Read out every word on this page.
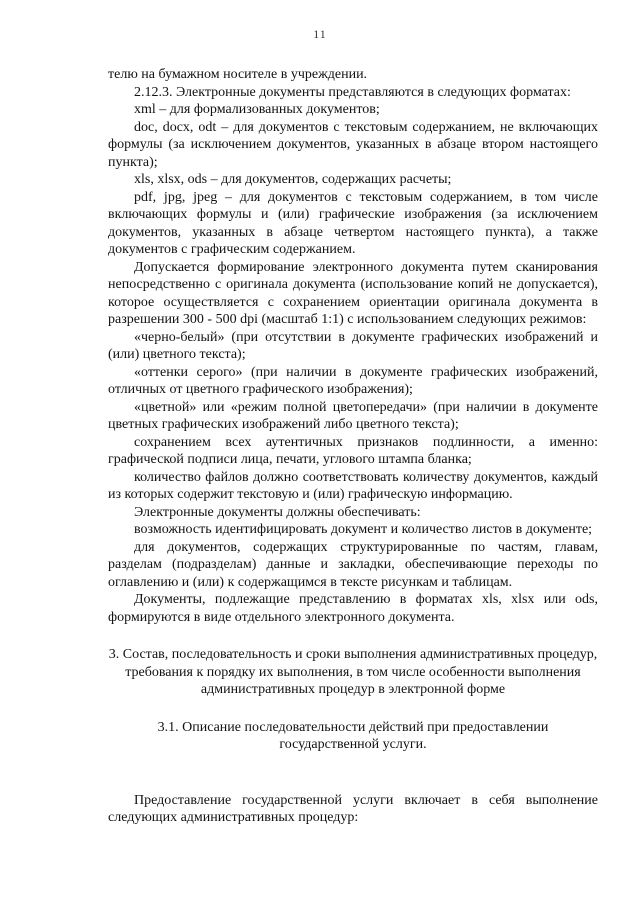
11

телю на бумажном носителе в учреждении.

2.12.3. Электронные документы представляются в следующих форматах:

xml – для формализованных документов;

doc, docx, odt – для документов с текстовым содержанием, не включающих формулы (за исключением документов, указанных в абзаце втором настоящего пункта);

xls, xlsx, ods – для документов, содержащих расчеты;

pdf, jpg, jpeg – для документов с текстовым содержанием, в том числе включающих формулы и (или) графические изображения (за исключением документов, указанных в абзаце четвертом настоящего пункта), а также документов с графическим содержанием.

Допускается формирование электронного документа путем сканирования непосредственно с оригинала документа (использование копий не допускается), которое осуществляется с сохранением ориентации оригинала документа в разрешении 300 - 500 dpi (масштаб 1:1) с использованием следующих режимов:

«черно-белый» (при отсутствии в документе графических изображений и (или) цветного текста);

«оттенки серого» (при наличии в документе графических изображений, отличных от цветного графического изображения);

«цветной» или «режим полной цветопередачи» (при наличии в документе цветных графических изображений либо цветного текста);

сохранением всех аутентичных признаков подлинности, а именно: графической подписи лица, печати, углового штампа бланка;

количество файлов должно соответствовать количеству документов, каждый из которых содержит текстовую и (или) графическую информацию.

Электронные документы должны обеспечивать:

возможность идентифицировать документ и количество листов в документе;

для документов, содержащих структурированные по частям, главам, разделам (подразделам) данные и закладки, обеспечивающие переходы по оглавлению и (или) к содержащимся в тексте рисункам и таблицам.

Документы, подлежащие представлению в форматах xls, xlsx или ods, формируются в виде отдельного электронного документа.

3. Состав, последовательность и сроки выполнения административных процедур, требования к порядку их выполнения, в том числе особенности выполнения административных процедур в электронной форме

3.1. Описание последовательности действий при предоставлении государственной услуги.

Предоставление государственной услуги включает в себя выполнение следующих административных процедур:
